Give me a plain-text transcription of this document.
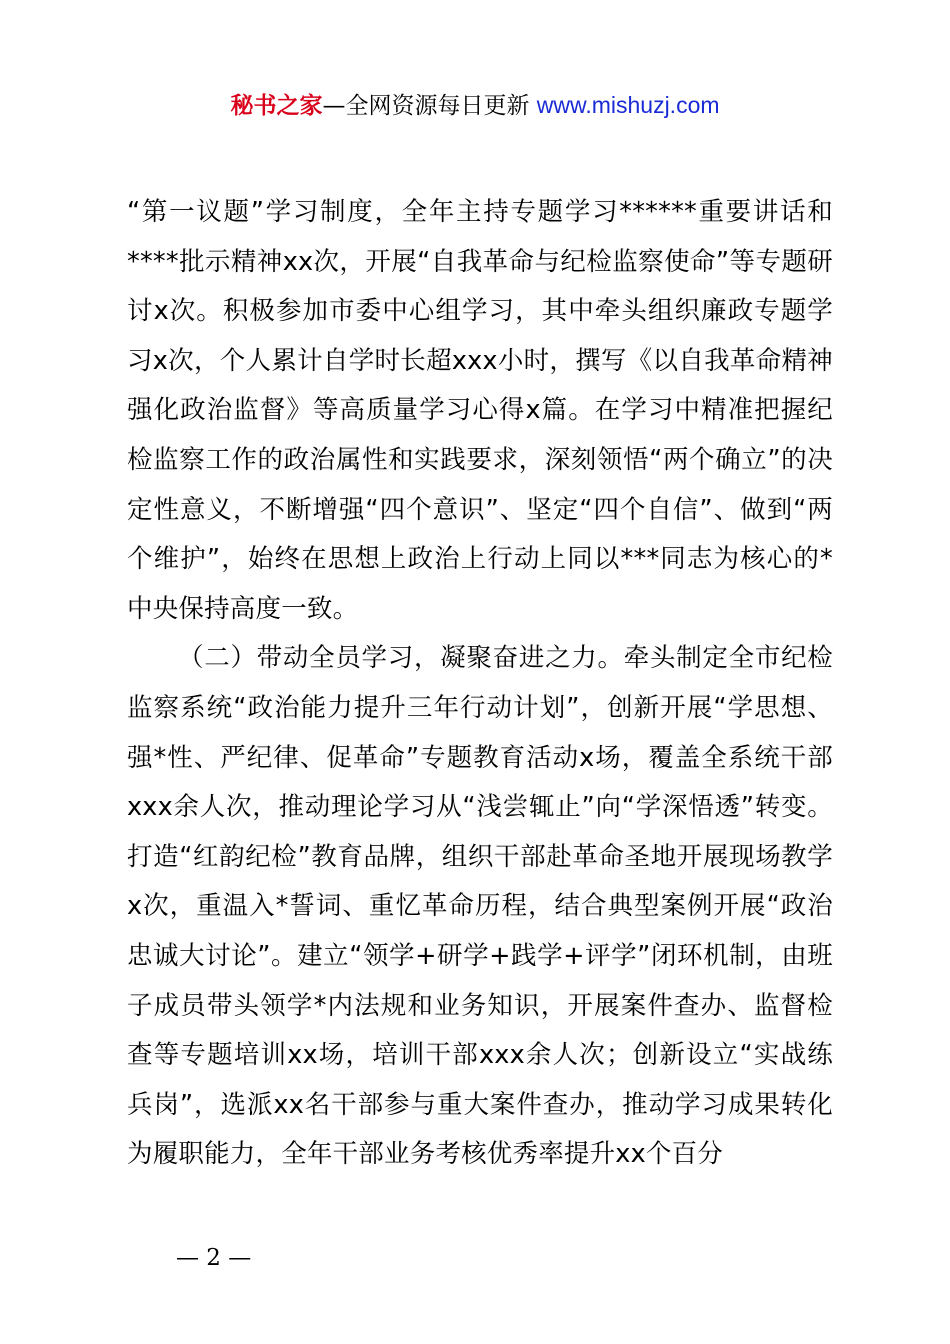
秘书之家—全网资源每日更新 www.mishuzj.com

“第一议题”学习制度，全年主持专题学习******重要讲话和****批示精神xx次，开展“自我革命与纪检监察使命”等专题研讨x次。积极参加市委中心组学习，其中牵头组织廉政专题学习x次，个人累计自学时长超xxx小时，撰写《以自我革命精神强化政治监督》等高质量学习心得x篇。在学习中精准把握纪检监察工作的政治属性和实践要求，深刻领悟“两个确立”的决定性意义，不断增强“四个意识”、坚定“四个自信”、做到“两个维护”，始终在思想上政治上行动上同以***同志为核心的*中央保持高度一致。

（二）带动全员学习，凝聚奋进之力。牵头制定全市纪检监察系统“政治能力提升三年行动计划”，创新开展“学思想、强*性、严纪律、促革命”专题教育活动x场，覆盖全系统干部xxx余人次，推动理论学习从“浅尝辄止”向“学深悟透”转变。打造“红韵纪检”教育品牌，组织干部赴革命圣地开展现场教学x次，重温入*誓词、重忆革命历程，结合典型案例开展“政治忠诚大讨论”。建立“领学+研学+践学+评学”闭环机制，由班子成员带头领学*内法规和业务知识，开展案件查办、监督检查等专题培训xx场，培训干部xxx余人次；创新设立“实战练兵岗”，选派xx名干部参与重大案件查办，推动学习成果转化为履职能力，全年干部业务考核优秀率提升xx个百分

— 2 —
